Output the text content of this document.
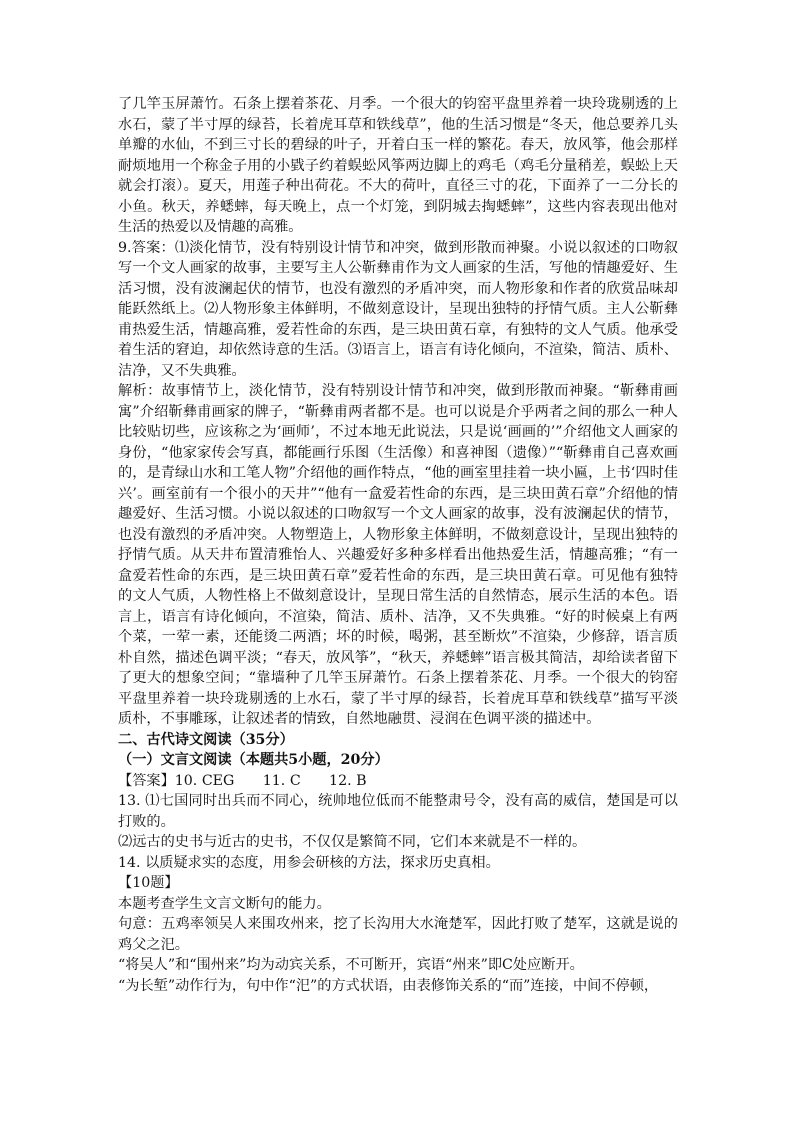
了几竿玉屏萧竹。石条上摆着茶花、月季。一个很大的钧窑平盘里养着一块玲珑剔透的上水石，蒙了半寸厚的绿苔，长着虎耳草和铁线草”，他的生活习惯是“冬天，他总要养几头单瓣的水仙，不到三寸长的碧绿的叶子，开着白玉一样的繁花。春天，放风筝，他会那样耐烦地用一个称金子用的小戥子约着蜈蚣风筝两边脚上的鸡毛（鸡毛分量稍差，蜈蚣上天就会打滚）。夏天，用莲子种出荷花。不大的荷叶，直径三寸的花，下面养了一二分长的小鱼。秋天，养蟋蟀，每天晚上，点一个灯笼，到阴城去掏蟋蟀”，这些内容表现出他对生活的热爱以及情趣的高雅。

9.答案：⑴淡化情节，没有特别设计情节和冲突，做到形散而神聚。小说以叙述的口吻叙写一个文人画家的故事，主要写主人公靳彝甫作为文人画家的生活，写他的情趣爱好、生活习惯，没有波澜起伏的情节，也没有激烈的矛盾冲突，而人物形象和作者的欣赏品味却能跃然纸上。⑵人物形象主体鲜明，不做刻意设计，呈现出独特的抒情气质。主人公靳彝甫热爱生活，情趣高雅，爱若性命的东西，是三块田黄石章，有独特的文人气质。他承受着生活的窘迫，却依然诗意的生活。⑶语言上，语言有诗化倾向，不渲染，简洁、质朴、洁净，又不失典雅。

解析：故事情节上，淡化情节，没有特别设计情节和冲突，做到形散而神聚。“靳彝甫画寓”介绍靳彝甫画家的牌子，“靳彝甫两者都不是。也可以说是介乎两者之间的那么一种人比较贴切些，应该称之为‘画师’，不过本地无此说法，只是说‘画画的’”介绍他文人画家的身份，“他家家传会写真，都能画行乐图（生活像）和喜神图（遗像）”“靳彝甫自己喜欢画的，是青绿山水和工笔人物”介绍他的画作特点，“他的画室里挂着一块小匾，上书‘四时佳兴’。画室前有一个很小的天井”“他有一盒爱若性命的东西，是三块田黄石章”介绍他的情趣爱好、生活习惯。小说以叙述的口吻叙写一个文人画家的故事，没有波澜起伏的情节，也没有激烈的矛盾冲突。人物塑造上，人物形象主体鲜明，不做刻意设计，呈现出独特的抒情气质。从天井布置清雅怡人、兴趣爱好多种多样看出他热爱生活，情趣高雅；“有一盒爱若性命的东西，是三块田黄石章”爱若性命的东西，是三块田黄石章。可见他有独特的文人气质，人物性格上不做刻意设计，呈现日常生活的自然情态，展示生活的本色。语言上，语言有诗化倾向，不渲染，简洁、质朴、洁净，又不失典雅。“好的时候桌上有两个菜，一荤一素，还能烫二两酒；坏的时候，喝粥，甚至断炊”不渲染，少修辞，语言质朴自然，描述色调平淡；“春天，放风筝”，“秋天，养蟋蟀”语言极其简洁，却给读者留下了更大的想象空间；“靠墙种了几竿玉屏萧竹。石条上摆着茶花、月季。一个很大的钧窑平盘里养着一块玲珑剔透的上水石，蒙了半寸厚的绿苔，长着虎耳草和铁线草”描写平淡质朴，不事雕琢，让叙述者的情致，自然地融贯、浸润在色调平淡的描述中。

二、古代诗文阅读（35分）

（一）文言文阅读（本题共5小题，20分）

【答案】10. CEG　　11. C　　12. B

13. ⑴七国同时出兵而不同心，统帅地位低而不能整肃号令，没有高的威信，楚国是可以打败的。

⑵远古的史书与近古的史书，不仅仅是繁简不同，它们本来就是不一样的。

14. 以质疑求实的态度，用参会研核的方法，探求历史真相。

【10题】

本题考查学生文言文断句的能力。

句意：五鸡率领吴人来围攻州来，挖了长沟用大水淹楚军，因此打败了楚军，这就是说的鸡父之汜。

“将吴人”和“围州来”均为动宾关系，不可断开，宾语“州来”即C处应断开。

“为长堑”动作行为，句中作“汜”的方式状语，由表修饰关系的“而”连接，中间不停顿，
